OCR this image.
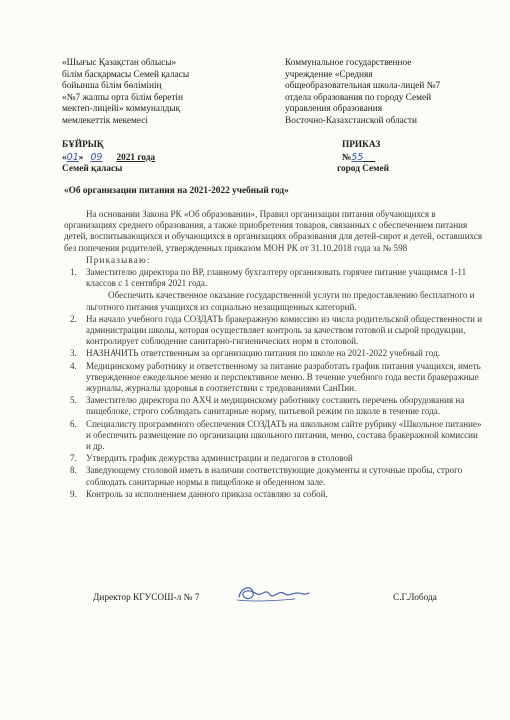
«Шығыс Қазақстан облысы»
білім басқармасы Семей қаласы
бойынша білім бөлімінің
«№7 жалпы орта білім беретін
мектеп-лицейі» коммуналдық
мемлекеттік мекемесі
Коммунальное государственное
учреждение «Средняя
общеобразовательная школа-лицей №7
отдела образования по городу Семей
управления образования
Восточно-Казахстанской области
БҰЙРЫҚ	ПРИКАЗ
«01» 09 2021 года	№55
Семей қаласы	город Семей
«Об организации питания на 2021-2022 учебный год»
На основании Закона РК «Об образовании», Правил организации питания обучающихся в организациях среднего образования, а также приобретения товаров, связанных с обеспечением питания детей, воспитывающихся и обучающихся в организациях образования для детей-сирот и детей, оставшихся без попечения родителей, утвержденных приказом МОН РК от 31.10.2018 года за № 598
Приказываю:
1. Заместителю директора по ВР, главному бухгалтеру организовать горячее питание учащимся 1-11 классов с 1 сентября 2021 года.
Обеспечить качественное оказание государственной услуги по предоставлению бесплатного и льготного питания учащихся из социально незащищенных категорий.
2. На начало учебного года СОЗДАТЬ бракеражную комиссию из числа родительской общественности и администрации школы, которая осуществляет контроль за качеством готовой и сырой продукции, контролирует соблюдение санитарно-гигиенических норм в столовой.
3. НАЗНАЧИТЬ ответственным за организацию питания по школе на 2021-2022 учебный год.
4. Медицинскому работнику и ответственному за питание разработать график питания учащихся, иметь утвержденное ежедельное меню и перспективное меню. В течение учебного года вести бракеражные журналы, журналы здоровья в соответствии с тредованиями СанПин.
5. Заместителю директора по АХЧ и медицинскому работнику составить перечень оборудования на пищеблоке, строго соблюдать санитарные норму, питьевой режим по школе в течение года.
6. Специалисту программного обеспечения СОЗДАТЬ на школьном сайте рубрику «Школьное питание» и обеспечить размещение по организации школьного питания, меню, состава бракеражной комиссии и др.
7. Утвердить график дежурства администрации и педагогов в столовой
8. Заведующему столовой иметь в наличии соответствующие документы и суточные пробы, строго соблюдать санитарные нормы в пищеблоке и обеденном зале.
9. Контроль за исполнением данного приказа оставляю за собой.
Директор КГУСОШ-л № 7	С.Г.Лобода
